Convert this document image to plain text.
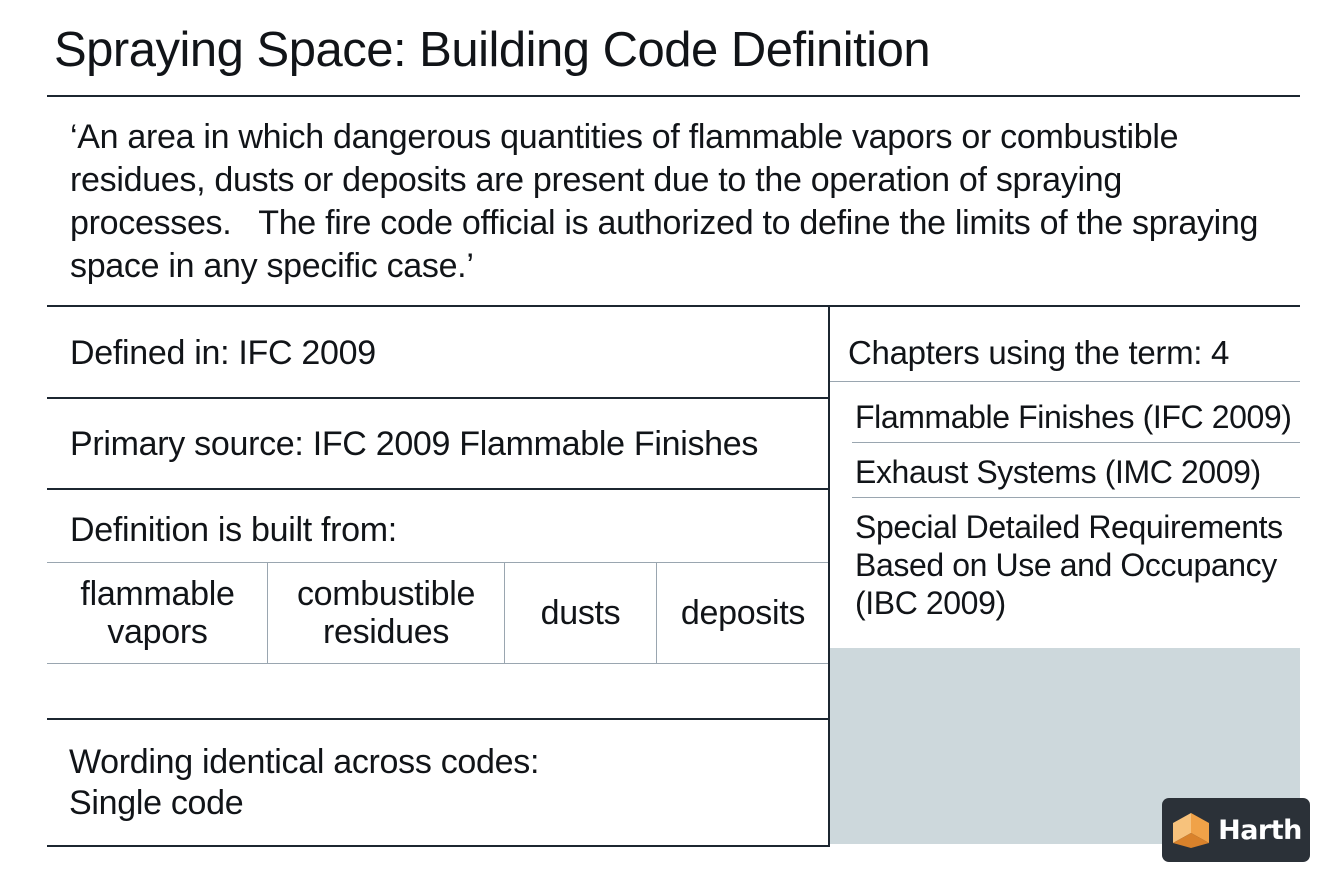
Spraying Space: Building Code Definition
‘An area in which dangerous quantities of flammable vapors or combustible residues, dusts or deposits are present due to the operation of spraying processes.   The fire code official is authorized to define the limits of the spraying space in any specific case.’
Defined in: IFC 2009
Primary source: IFC 2009 Flammable Finishes
Definition is built from:
flammable
vapors
combustible
residues	dusts deposits
Wording identical across codes:
Single code
Chapters using the term: 4
Flammable Finishes (IFC 2009)
Exhaust Systems (IMC 2009)
Special Detailed Requirements
Based on Use and Occupancy
(IBC 2009)
Harth
